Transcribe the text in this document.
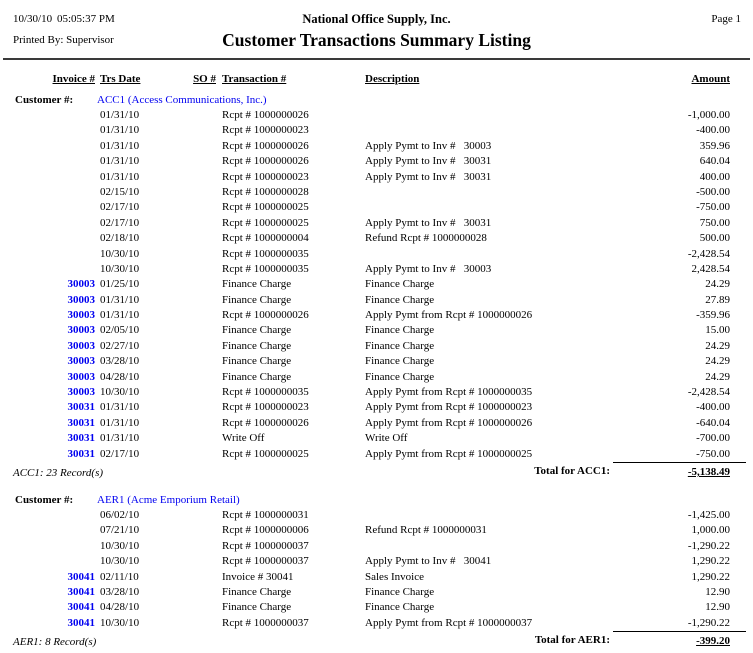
10/30/10 05:05:37 PM	National Office Supply, Inc.	Page 1
Printed By: Supervisor	Customer Transactions Summary Listing
Invoice # Trs Date	SO # Transaction #	Description	Amount
Customer #:	ACC1 (Access Communications, Inc.)
01/31/10	Rcpt # 1000000026	-1,000.00
01/31/10	Rcpt # 1000000023	-400.00
01/31/10	Rcpt # 1000000026	Apply Pymt to Inv #   30003	359.96
01/31/10	Rcpt # 1000000026	Apply Pymt to Inv #   30031	640.04
01/31/10	Rcpt # 1000000023	Apply Pymt to Inv #   30031	400.00
02/15/10	Rcpt # 1000000028	-500.00
02/17/10	Rcpt # 1000000025	-750.00
02/17/10	Rcpt # 1000000025	Apply Pymt to Inv #   30031	750.00
02/18/10	Rcpt # 1000000004	Refund Rcpt # 1000000028	500.00
10/30/10	Rcpt # 1000000035	-2,428.54
10/30/10	Rcpt # 1000000035	Apply Pymt to Inv #   30003	2,428.54
30003 01/25/10	Finance Charge	Finance Charge	24.29
30003 01/31/10	Finance Charge	Finance Charge	27.89
30003 01/31/10	Rcpt # 1000000026	Apply Pymt from Rcpt # 1000000026	-359.96
30003 02/05/10	Finance Charge	Finance Charge	15.00
30003 02/27/10	Finance Charge	Finance Charge	24.29
30003 03/28/10	Finance Charge	Finance Charge	24.29
30003 04/28/10	Finance Charge	Finance Charge	24.29
30003 10/30/10	Rcpt # 1000000035	Apply Pymt from Rcpt # 1000000035	-2,428.54
30031 01/31/10	Rcpt # 1000000023	Apply Pymt from Rcpt # 1000000023	-400.00
30031 01/31/10	Rcpt # 1000000026	Apply Pymt from Rcpt # 1000000026	-640.04
30031 01/31/10	Write Off	Write Off	-700.00
30031 02/17/10	Rcpt # 1000000025	Apply Pymt from Rcpt # 1000000025	-750.00
ACC1: 23 Record(s)	Total for ACC1:	-5,138.49
Customer #:	AER1 (Acme Emporium Retail)
06/02/10	Rcpt # 1000000031	-1,425.00
07/21/10	Rcpt # 1000000006	Refund Rcpt # 1000000031	1,000.00
10/30/10	Rcpt # 1000000037	-1,290.22
10/30/10	Rcpt # 1000000037	Apply Pymt to Inv #   30041	1,290.22
30041 02/11/10	Invoice # 30041	Sales Invoice	1,290.22
30041 03/28/10	Finance Charge	Finance Charge	12.90
30041 04/28/10	Finance Charge	Finance Charge	12.90
30041 10/30/10	Rcpt # 1000000037	Apply Pymt from Rcpt # 1000000037	-1,290.22
AER1: 8 Record(s)	Total for AER1:	-399.20
